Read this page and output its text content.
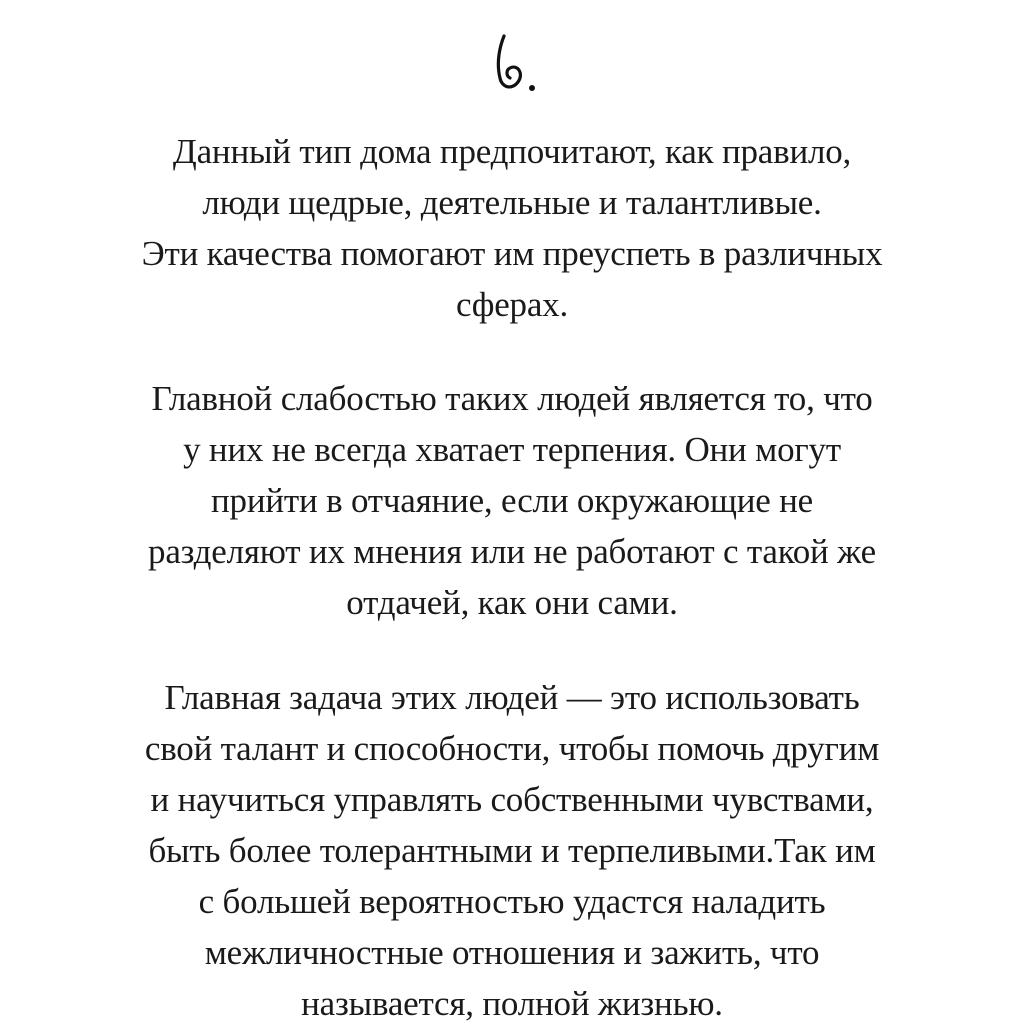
Данный тип дома предпочитают, как правило,
люди щедрые, деятельные и талантливые.
Эти качества помогают им преуспеть в различных
сферах.
Главной слабостью таких людей является то, что
у них не всегда хватает терпения. Они могут
прийти в отчаяние, если окружающие не
разделяют их мнения или не работают с такой же
отдачей, как они сами.
Главная задача этих людей — это использовать
свой талант и способности, чтобы помочь другим
и научиться управлять собственными чувствами,
быть более толерантными и терпеливыми.Так им
с большей вероятностью удастся наладить
межличностные отношения и зажить, что
называется, полной жизнью.
